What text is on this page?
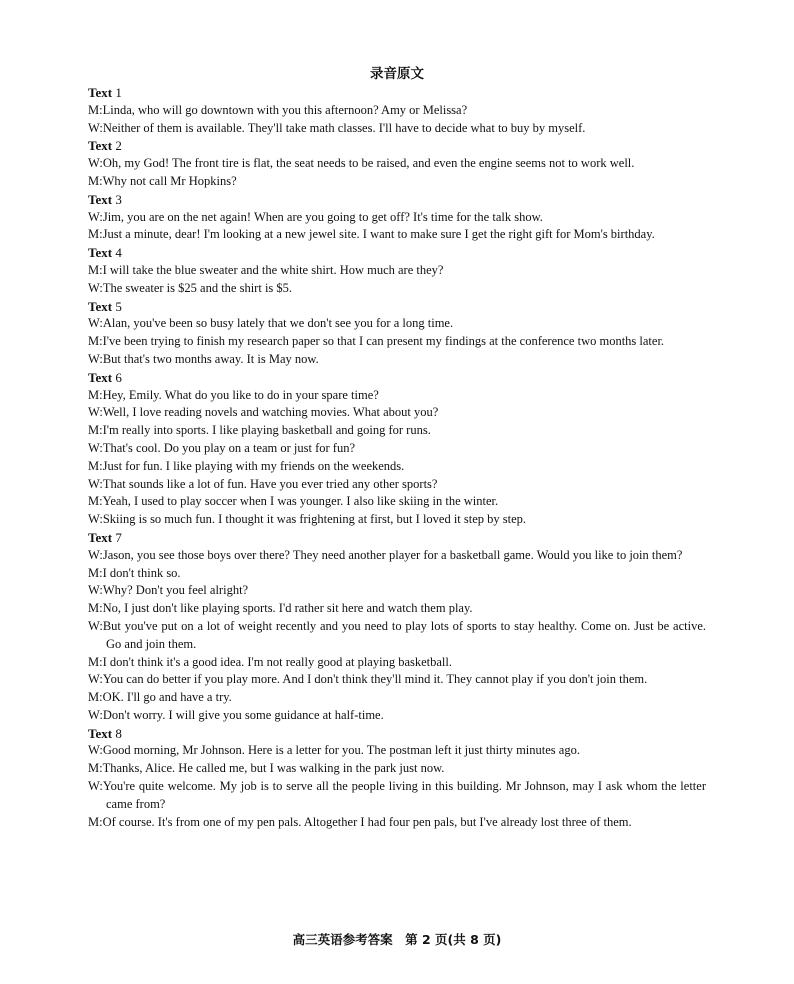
录音原文
Text 1
M:Linda, who will go downtown with you this afternoon? Amy or Melissa?
W:Neither of them is available. They'll take math classes. I'll have to decide what to buy by myself.
Text 2
W:Oh, my God! The front tire is flat, the seat needs to be raised, and even the engine seems not to work well.
M:Why not call Mr Hopkins?
Text 3
W:Jim, you are on the net again! When are you going to get off? It's time for the talk show.
M:Just a minute, dear! I'm looking at a new jewel site. I want to make sure I get the right gift for Mom's birthday.
Text 4
M:I will take the blue sweater and the white shirt. How much are they?
W:The sweater is $25 and the shirt is $5.
Text 5
W:Alan, you've been so busy lately that we don't see you for a long time.
M:I've been trying to finish my research paper so that I can present my findings at the conference two months later.
W:But that's two months away. It is May now.
Text 6
M:Hey, Emily. What do you like to do in your spare time?
W:Well, I love reading novels and watching movies. What about you?
M:I'm really into sports. I like playing basketball and going for runs.
W:That's cool. Do you play on a team or just for fun?
M:Just for fun. I like playing with my friends on the weekends.
W:That sounds like a lot of fun. Have you ever tried any other sports?
M:Yeah, I used to play soccer when I was younger. I also like skiing in the winter.
W:Skiing is so much fun. I thought it was frightening at first, but I loved it step by step.
Text 7
W:Jason, you see those boys over there? They need another player for a basketball game. Would you like to join them?
M:I don't think so.
W:Why? Don't you feel alright?
M:No, I just don't like playing sports. I'd rather sit here and watch them play.
W:But you've put on a lot of weight recently and you need to play lots of sports to stay healthy. Come on. Just be active. Go and join them.
M:I don't think it's a good idea. I'm not really good at playing basketball.
W:You can do better if you play more. And I don't think they'll mind it. They cannot play if you don't join them.
M:OK. I'll go and have a try.
W:Don't worry. I will give you some guidance at half-time.
Text 8
W:Good morning, Mr Johnson. Here is a letter for you. The postman left it just thirty minutes ago.
M:Thanks, Alice. He called me, but I was walking in the park just now.
W:You're quite welcome. My job is to serve all the people living in this building. Mr Johnson, may I ask whom the letter came from?
M:Of course. It's from one of my pen pals. Altogether I had four pen pals, but I've already lost three of them.
高三英语参考答案　第 2 页(共 8 页)
